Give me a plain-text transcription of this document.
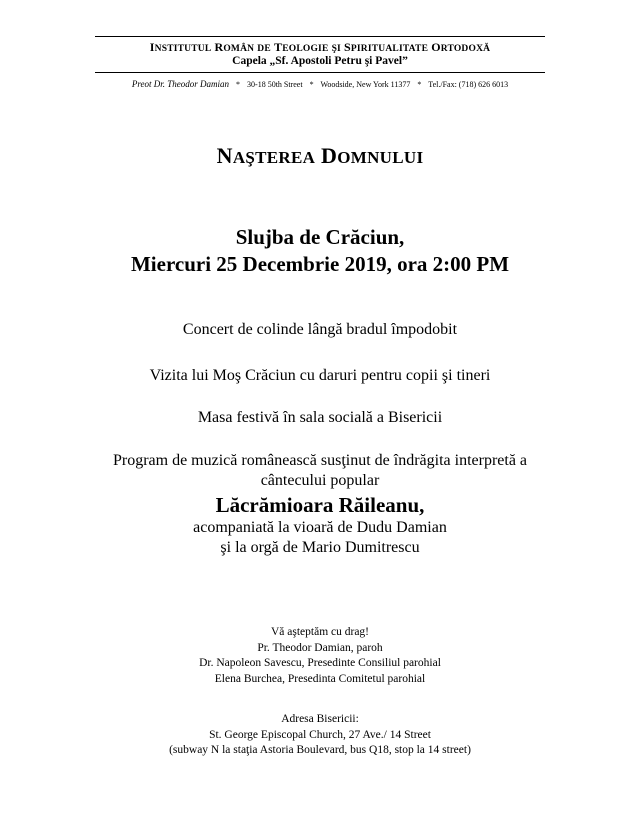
INSTITUTUL ROMÂN DE TEOLOGIE ŞI SPIRITUALITATE ORTODOXĂ
Capela „Sf. Apostoli Petru şi Pavel”
Preot Dr. Theodor Damian * 30-18 50th Street * Woodside, New York 11377 * Tel./Fax: (718) 626 6013
NAŞTEREA DOMNULUI
Slujba de Crăciun,
Miercuri 25 Decembrie 2019, ora 2:00 PM
Concert de colinde lângă bradul împodobit
Vizita lui Moş Crăciun cu daruri pentru copii şi tineri
Masa festivă în sala socială a Bisericii
Program de muzică românească susţinut de îndrăgita interpretă a
cântecului popular
Lăcrămioara Răileanu,
acompaniată la vioară de Dudu Damian
şi la orgă de Mario Dumitrescu
Vă aşteptăm cu drag!
Pr. Theodor Damian, paroh
Dr. Napoleon Savescu, Presedinte Consiliul parohial
Elena Burchea, Presedinta Comitetul parohial
Adresa Bisericii:
St. George Episcopal Church, 27 Ave./ 14 Street
(subway N la staţia Astoria Boulevard, bus Q18, stop la 14 street)
